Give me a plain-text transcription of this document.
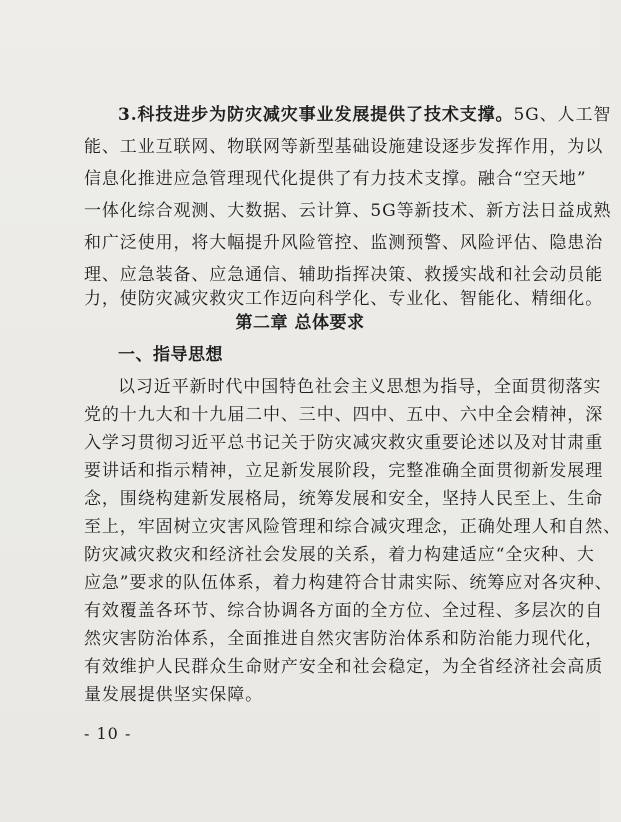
3.科技进步为防灾减灾事业发展提供了技术支撑。5G、人工智
能、工业互联网、物联网等新型基础设施建设逐步发挥作用，为以
信息化推进应急管理现代化提供了有力技术支撑。融合“空天地”
一体化综合观测、大数据、云计算、5G等新技术、新方法日益成熟
和广泛使用，将大幅提升风险管控、监测预警、风险评估、隐患治
理、应急装备、应急通信、辅助指挥决策、救援实战和社会动员能
力，使防灾减灾救灾工作迈向科学化、专业化、智能化、精细化。
第二章 总体要求
一、指导思想
以习近平新时代中国特色社会主义思想为指导，全面贯彻落实
党的十九大和十九届二中、三中、四中、五中、六中全会精神，深
入学习贯彻习近平总书记关于防灾减灾救灾重要论述以及对甘肃重
要讲话和指示精神，立足新发展阶段，完整准确全面贯彻新发展理
念，围绕构建新发展格局，统筹发展和安全，坚持人民至上、生命
至上，牢固树立灾害风险管理和综合减灾理念，正确处理人和自然、
防灾减灾救灾和经济社会发展的关系，着力构建适应“全灾种、大
应急”要求的队伍体系，着力构建符合甘肃实际、统筹应对各灾种、
有效覆盖各环节、综合协调各方面的全方位、全过程、多层次的自
然灾害防治体系，全面推进自然灾害防治体系和防治能力现代化，
有效维护人民群众生命财产安全和社会稳定，为全省经济社会高质
量发展提供坚实保障。
- 10 -
